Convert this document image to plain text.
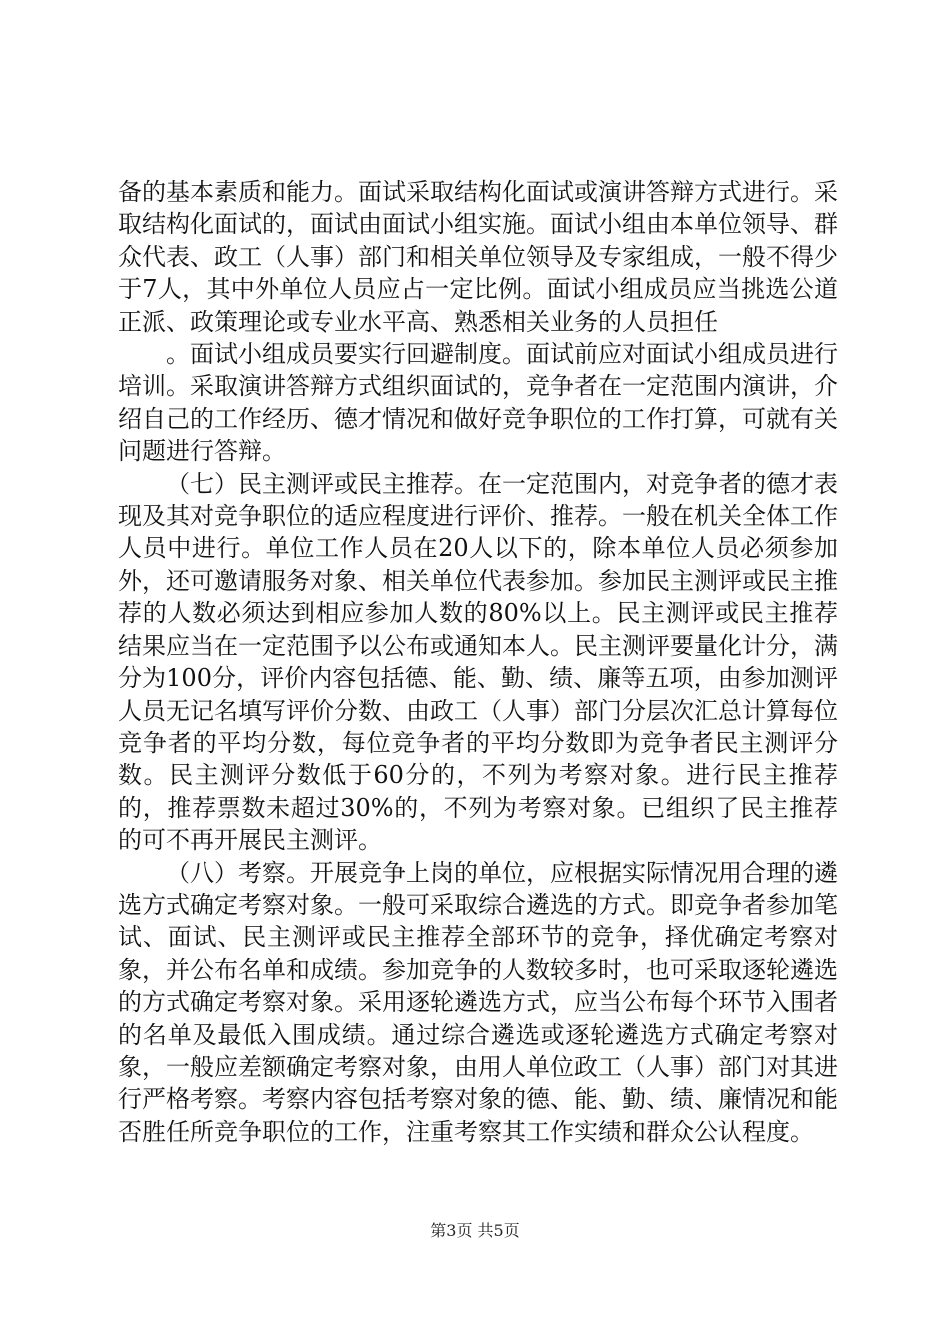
备的基本素质和能力。面试采取结构化面试或演讲答辩方式进行。采取结构化面试的，面试由面试小组实施。面试小组由本单位领导、群众代表、政工（人事）部门和相关单位领导及专家组成，一般不得少于7人，其中外单位人员应占一定比例。面试小组成员应当挑选公道正派、政策理论或专业水平高、熟悉相关业务的人员担任

。面试小组成员要实行回避制度。面试前应对面试小组成员进行培训。采取演讲答辩方式组织面试的，竞争者在一定范围内演讲，介绍自己的工作经历、德才情况和做好竞争职位的工作打算，可就有关问题进行答辩。

（七）民主测评或民主推荐。在一定范围内，对竞争者的德才表现及其对竞争职位的适应程度进行评价、推荐。一般在机关全体工作人员中进行。单位工作人员在20人以下的，除本单位人员必须参加外，还可邀请服务对象、相关单位代表参加。参加民主测评或民主推荐的人数必须达到相应参加人数的80%以上。民主测评或民主推荐结果应当在一定范围予以公布或通知本人。民主测评要量化计分，满分为100分，评价内容包括德、能、勤、绩、廉等五项，由参加测评人员无记名填写评价分数、由政工（人事）部门分层次汇总计算每位竞争者的平均分数，每位竞争者的平均分数即为竞争者民主测评分数。民主测评分数低于60分的，不列为考察对象。进行民主推荐的，推荐票数未超过30%的，不列为考察对象。已组织了民主推荐的可不再开展民主测评。

（八）考察。开展竞争上岗的单位，应根据实际情况用合理的遴选方式确定考察对象。一般可采取综合遴选的方式。即竞争者参加笔试、面试、民主测评或民主推荐全部环节的竞争，择优确定考察对象，并公布名单和成绩。参加竞争的人数较多时，也可采取逐轮遴选的方式确定考察对象。采用逐轮遴选方式，应当公布每个环节入围者的名单及最低入围成绩。通过综合遴选或逐轮遴选方式确定考察对象，一般应差额确定考察对象，由用人单位政工（人事）部门对其进行严格考察。考察内容包括考察对象的德、能、勤、绩、廉情况和能否胜任所竞争职位的工作，注重考察其工作实绩和群众公认程度。

第3页 共5页
